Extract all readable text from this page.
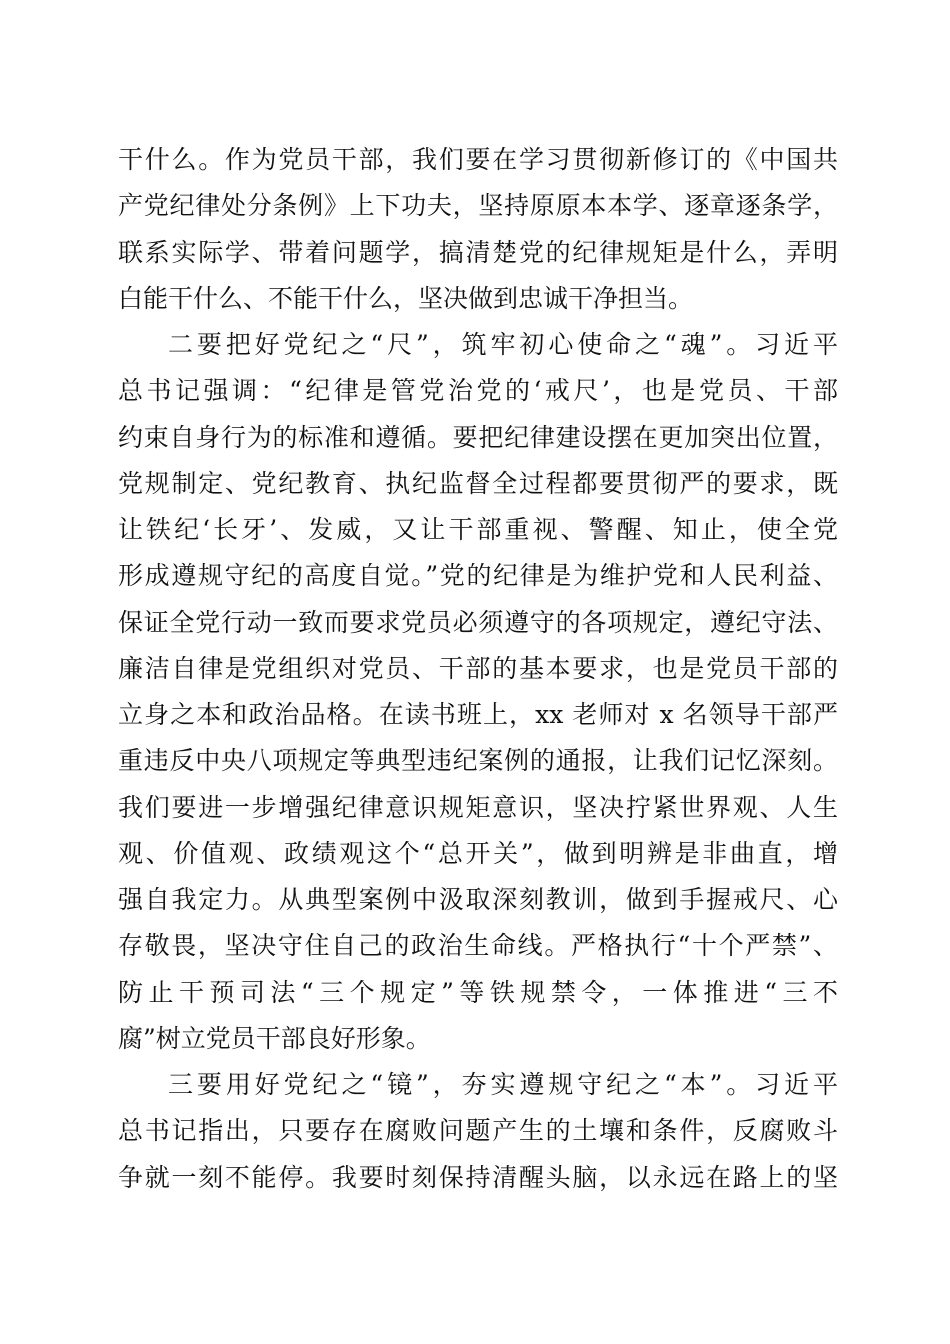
干什么。作为党员干部，我们要在学习贯彻新修订的《中国共
产党纪律处分条例》上下功夫，坚持原原本本学、逐章逐条学，
联系实际学、带着问题学，搞清楚党的纪律规矩是什么，弄明
白能干什么、不能干什么，坚决做到忠诚干净担当。
二要把好党纪之“尺”，筑牢初心使命之“魂”。习近平
总书记强调：“纪律是管党治党的‘戒尺’，也是党员、干部
约束自身行为的标准和遵循。要把纪律建设摆在更加突出位置，
党规制定、党纪教育、执纪监督全过程都要贯彻严的要求，既
让铁纪‘长牙’、发威，又让干部重视、警醒、知止，使全党
形成遵规守纪的高度自觉。”党的纪律是为维护党和人民利益、
保证全党行动一致而要求党员必须遵守的各项规定，遵纪守法、
廉洁自律是党组织对党员、干部的基本要求，也是党员干部的
立身之本和政治品格。在读书班上，xx 老师对 x 名领导干部严
重违反中央八项规定等典型违纪案例的通报，让我们记忆深刻。
我们要进一步增强纪律意识规矩意识，坚决拧紧世界观、人生
观、价值观、政绩观这个“总开关”，做到明辨是非曲直，增
强自我定力。从典型案例中汲取深刻教训，做到手握戒尺、心
存敬畏，坚决守住自己的政治生命线。严格执行“十个严禁”、
防止干预司法“三个规定”等铁规禁令，一体推进“三不
腐”树立党员干部良好形象。
三要用好党纪之“镜”，夯实遵规守纪之“本”。习近平
总书记指出，只要存在腐败问题产生的土壤和条件，反腐败斗
争就一刻不能停。我要时刻保持清醒头脑，以永远在路上的坚
